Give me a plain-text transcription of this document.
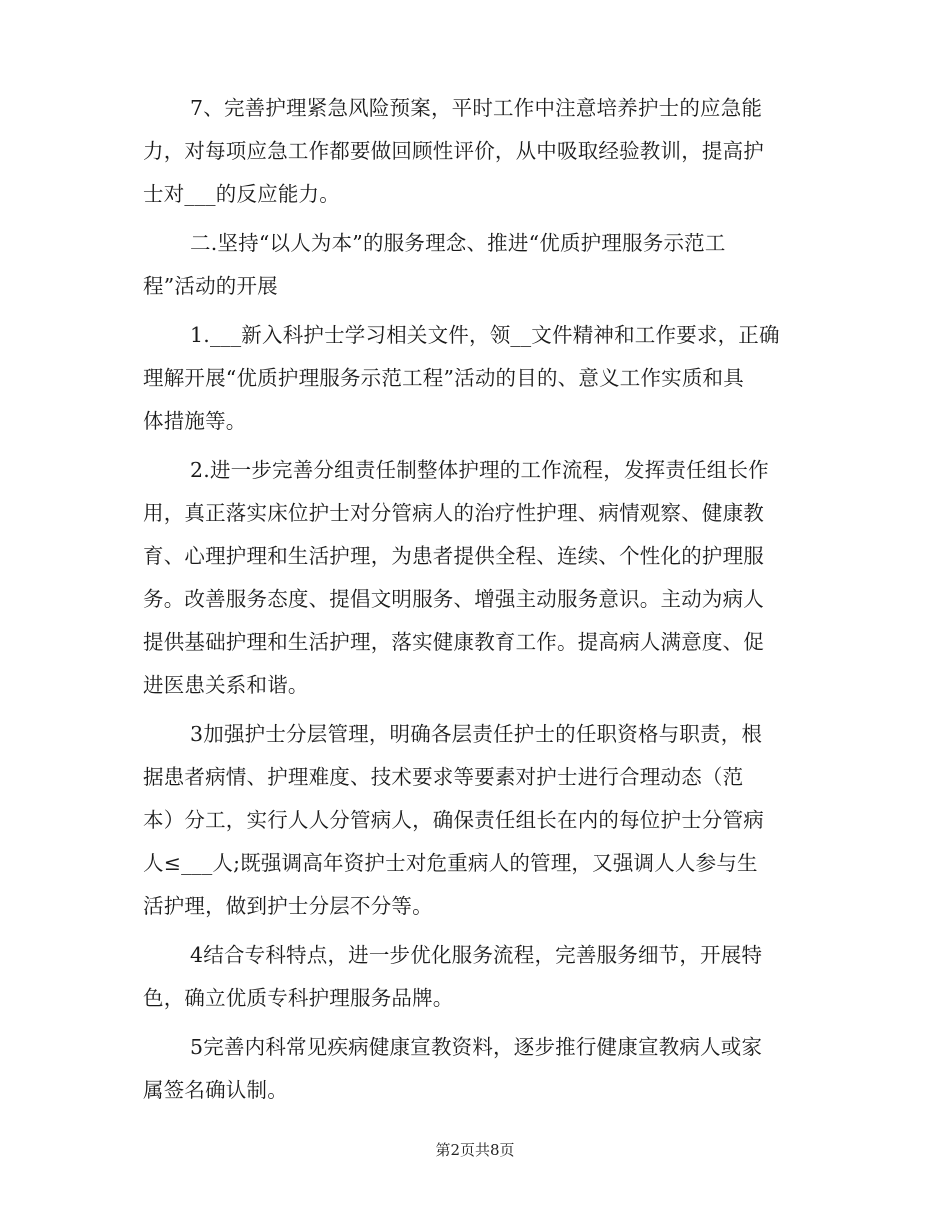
7、完善护理紧急风险预案，平时工作中注意培养护士的应急能
力，对每项应急工作都要做回顾性评价，从中吸取经验教训，提高护
士对___的反应能力。
二.坚持“以人为本”的服务理念、推进“优质护理服务示范工
程”活动的开展
1.___新入科护士学习相关文件，领__文件精神和工作要求，正确
理解开展“优质护理服务示范工程”活动的目的、意义工作实质和具
体措施等。
2.进一步完善分组责任制整体护理的工作流程，发挥责任组长作
用，真正落实床位护士对分管病人的治疗性护理、病情观察、健康教
育、心理护理和生活护理，为患者提供全程、连续、个性化的护理服
务。改善服务态度、提倡文明服务、增强主动服务意识。主动为病人
提供基础护理和生活护理，落实健康教育工作。提高病人满意度、促
进医患关系和谐。
3加强护士分层管理，明确各层责任护士的任职资格与职责，根
据患者病情、护理难度、技术要求等要素对护士进行合理动态（范
本）分工，实行人人分管病人，确保责任组长在内的每位护士分管病
人≤___人;既强调高年资护士对危重病人的管理，又强调人人参与生
活护理，做到护士分层不分等。
4结合专科特点，进一步优化服务流程，完善服务细节，开展特
色，确立优质专科护理服务品牌。
5完善内科常见疾病健康宣教资料，逐步推行健康宣教病人或家
属签名确认制。
第2页共8页
